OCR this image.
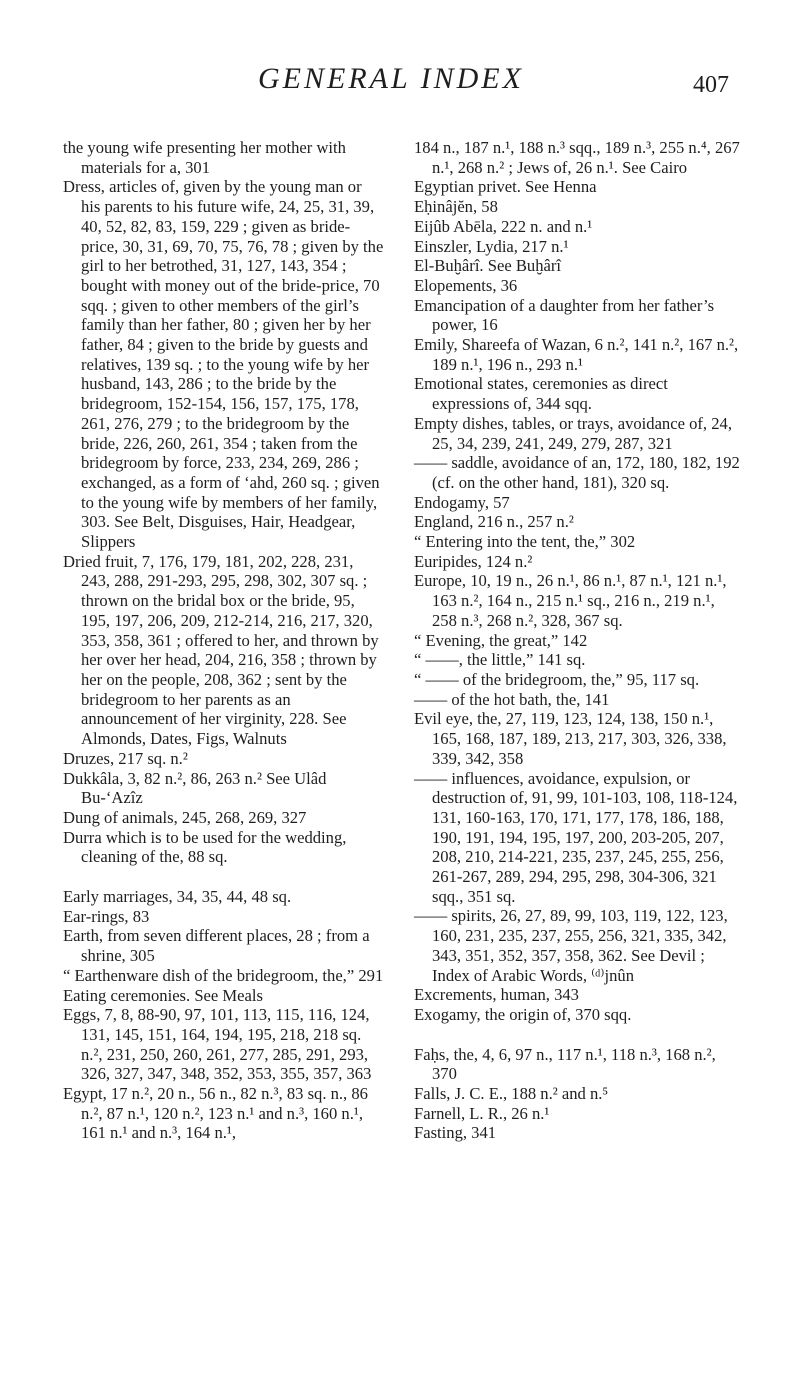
GENERAL INDEX	407
the young wife presenting her mother with materials for a, 301
Dress, articles of, given by the young man or his parents to his future wife, 24, 25, 31, 39, 40, 52, 82, 83, 159, 229 ; given as bride-price, 30, 31, 69, 70, 75, 76, 78 ; given by the girl to her betrothed, 31, 127, 143, 354 ; bought with money out of the bride-price, 70 sqq. ; given to other members of the girl’s family than her father, 80 ; given her by her father, 84 ; given to the bride by guests and relatives, 139 sq. ; to the young wife by her husband, 143, 286 ; to the bride by the bridegroom, 152-154, 156, 157, 175, 178, 261, 276, 279 ; to the bridegroom by the bride, 226, 260, 261, 354 ; taken from the bridegroom by force, 233, 234, 269, 286 ; exchanged, as a form of ‘ahd, 260 sq. ; given to the young wife by members of her family, 303. See Belt, Disguises, Hair, Headgear, Slippers
Dried fruit, 7, 176, 179, 181, 202, 228, 231, 243, 288, 291-293, 295, 298, 302, 307 sq. ; thrown on the bridal box or the bride, 95, 195, 197, 206, 209, 212-214, 216, 217, 320, 353, 358, 361 ; offered to her, and thrown by her over her head, 204, 216, 358 ; thrown by her on the people, 208, 362 ; sent by the bridegroom to her parents as an announcement of her virginity, 228. See Almonds, Dates, Figs, Walnuts
Druzes, 217 sq. n.²
Dukkâla, 3, 82 n.², 86, 263 n.² See Ulâd Bu-‘Azîz
Dung of animals, 245, 268, 269, 327
Durra which is to be used for the wedding, cleaning of the, 88 sq.
Early marriages, 34, 35, 44, 48 sq.
Ear-rings, 83
Earth, from seven different places, 28 ; from a shrine, 305
“ Earthenware dish of the bridegroom, the,” 291
Eating ceremonies. See Meals
Eggs, 7, 8, 88-90, 97, 101, 113, 115, 116, 124, 131, 145, 151, 164, 194, 195, 218, 218 sq. n.², 231, 250, 260, 261, 277, 285, 291, 293, 326, 327, 347, 348, 352, 353, 355, 357, 363
Egypt, 17 n.², 20 n., 56 n., 82 n.³, 83 sq. n., 86 n.², 87 n.¹, 120 n.², 123 n.¹ and n.³, 160 n.¹, 161 n.¹ and n.³, 164 n.¹,
184 n., 187 n.¹, 188 n.³ sqq., 189 n.³, 255 n.⁴, 267 n.¹, 268 n.² ; Jews of, 26 n.¹. See Cairo
Egyptian privet. See Henna
Eḥinâjĕn, 58
Eijûb Abēla, 222 n. and n.¹
Einszler, Lydia, 217 n.¹
El-Buḫârî. See Buḫârî
Elopements, 36
Emancipation of a daughter from her father’s power, 16
Emily, Shareefa of Wazan, 6 n.², 141 n.², 167 n.², 189 n.¹, 196 n., 293 n.¹
Emotional states, ceremonies as direct expressions of, 344 sqq.
Empty dishes, tables, or trays, avoidance of, 24, 25, 34, 239, 241, 249, 279, 287, 321
—— saddle, avoidance of an, 172, 180, 182, 192 (cf. on the other hand, 181), 320 sq.
Endogamy, 57
England, 216 n., 257 n.²
“ Entering into the tent, the,” 302
Euripides, 124 n.²
Europe, 10, 19 n., 26 n.¹, 86 n.¹, 87 n.¹, 121 n.¹, 163 n.², 164 n., 215 n.¹ sq., 216 n., 219 n.¹, 258 n.³, 268 n.², 328, 367 sq.
“ Evening, the great,” 142
“ ——, the little,” 141 sq.
“ —— of the bridegroom, the,” 95, 117 sq.
—— of the hot bath, the, 141
Evil eye, the, 27, 119, 123, 124, 138, 150 n.¹, 165, 168, 187, 189, 213, 217, 303, 326, 338, 339, 342, 358
—— influences, avoidance, expulsion, or destruction of, 91, 99, 101-103, 108, 118-124, 131, 160-163, 170, 171, 177, 178, 186, 188, 190, 191, 194, 195, 197, 200, 203-205, 207, 208, 210, 214-221, 235, 237, 245, 255, 256, 261-267, 289, 294, 295, 298, 304-306, 321 sqq., 351 sq.
—— spirits, 26, 27, 89, 99, 103, 119, 122, 123, 160, 231, 235, 237, 255, 256, 321, 335, 342, 343, 351, 352, 357, 358, 362. See Devil ; Index of Arabic Words, ⁽ᵈ⁾jnûn
Excrements, human, 343
Exogamy, the origin of, 370 sqq.
Faḥs, the, 4, 6, 97 n., 117 n.¹, 118 n.³, 168 n.², 370
Falls, J. C. E., 188 n.² and n.⁵
Farnell, L. R., 26 n.¹
Fasting, 341
